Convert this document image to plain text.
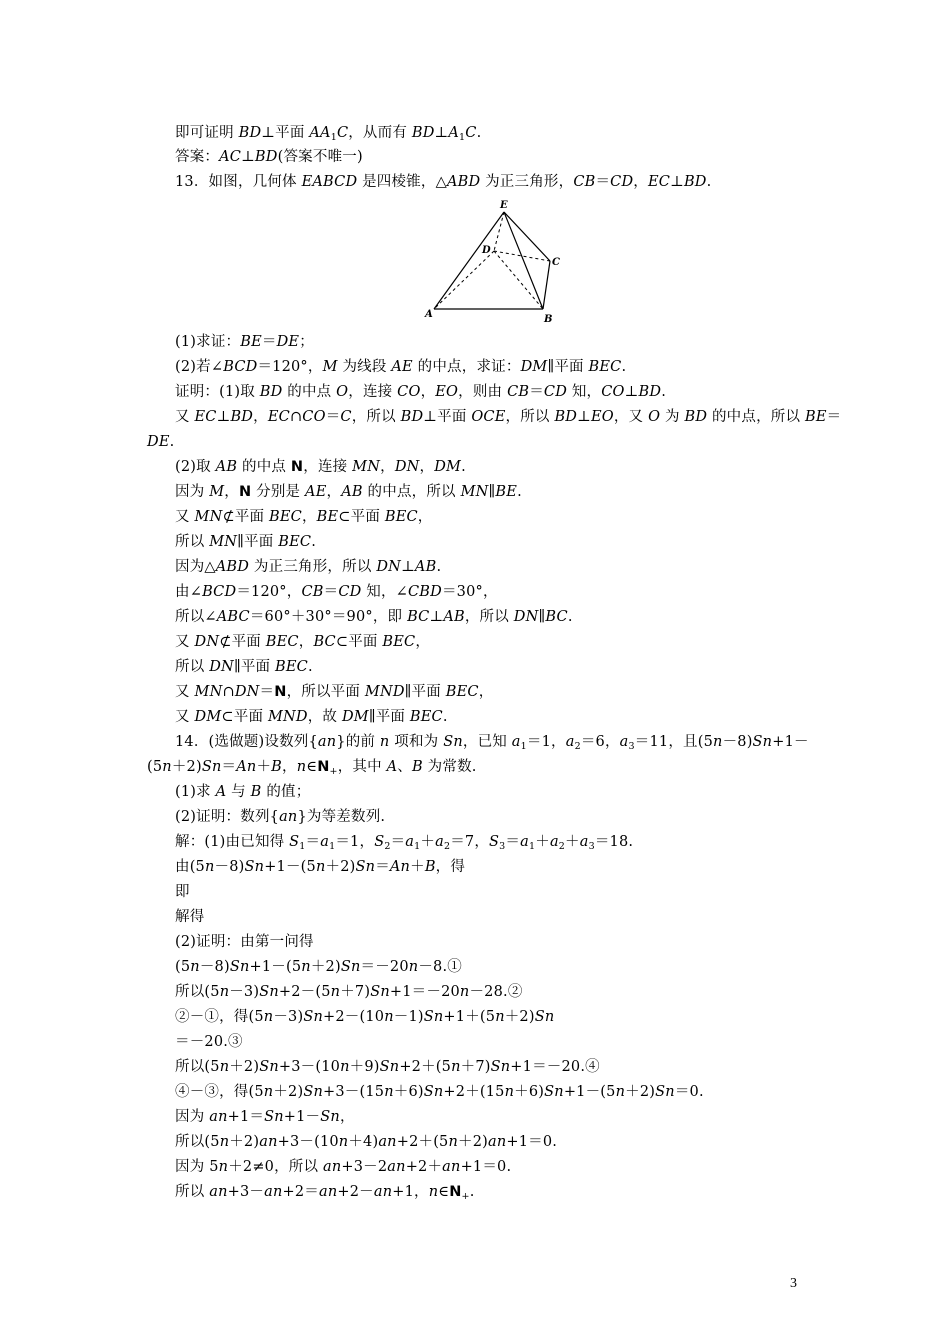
即可证明 BD⊥平面 $AA_1C$，从而有 $BD\perp A_1C$.
答案：AC⊥BD(答案不唯一)
13．如图，几何体 EABCD 是四棱锥，△ABD 为正三角形，CB＝CD，EC⊥BD.
E
D
C
A	B
(1)求证：BE＝DE；
(2)若∠BCD＝120°，M 为线段 AE 的中点，求证：DM∥平面 BEC.
证明：(1)取 BD 的中点 O，连接 CO，EO，则由 CB＝CD 知，CO⊥BD.
又 EC⊥BD，EC∩CO＝C，所以 BD⊥平面 OCE，所以 BD⊥EO，又 O 为 BD 的中点，所以 BE＝
DE.
(2)取 AB 的中点 N，连接 MN，DN，DM.
因为 M，N 分别是 AE，AB 的中点，所以 MN∥BE.
又 MN⊄平面 BEC，BE⊂平面 BEC，
所以 MN∥平面 BEC.
因为△ABD 为正三角形，所以 DN⊥AB.
由∠BCD＝120°，CB＝CD 知，∠CBD＝30°，
所以∠ABC＝60°＋30°＝90°，即 BC⊥AB，所以 DN∥BC.
又 DN⊄平面 BEC，BC⊂平面 BEC，
所以 DN∥平面 BEC.
又 MN∩DN＝N，所以平面 MND∥平面 BEC，
又 DM⊂平面 MND，故 DM∥平面 BEC.
14．(选做题)设数列{an}的前 n 项和为 Sn，已知 $a_1=1$，$a_2=6$，$a_3=11$，且(5n－8)Sn+1－
(5n＋2)Sn＝An＋B，$n\in N_+$，其中 A、B 为常数.
(1)求 A 与 B 的值；
(2)证明：数列{an}为等差数列.
解：(1)由已知得 $S_1=a_1=1$，$S_2=a_1+a_2=7$，$S_3=a_1+a_2+a_3=18$.
由(5n－8)Sn+1－(5n＋2)Sn＝An＋B，得
即
解得
(2)证明：由第一问得
(5n－8)Sn+1－(5n＋2)Sn＝－20n－8.①
所以(5n－3)Sn+2－(5n＋7)Sn+1＝－20n－28.②
②－①，得(5n－3)Sn+2－(10n－1)Sn+1＋(5n＋2)Sn
＝－20.③
所以(5n＋2)Sn+3－(10n＋9)Sn+2＋(5n＋7)Sn+1＝－20.④
④－③，得(5n＋2)Sn+3－(15n＋6)Sn+2＋(15n＋6)Sn+1－(5n＋2)Sn＝0.
因为 an+1＝Sn+1－Sn，
所以(5n＋2)an+3－(10n＋4)an+2＋(5n＋2)an+1＝0.
因为 5n＋2≠0，所以 an+3－2an+2＋an+1＝0.
所以 an+3－an+2＝an+2－an+1，$n\in N_+$.
3
